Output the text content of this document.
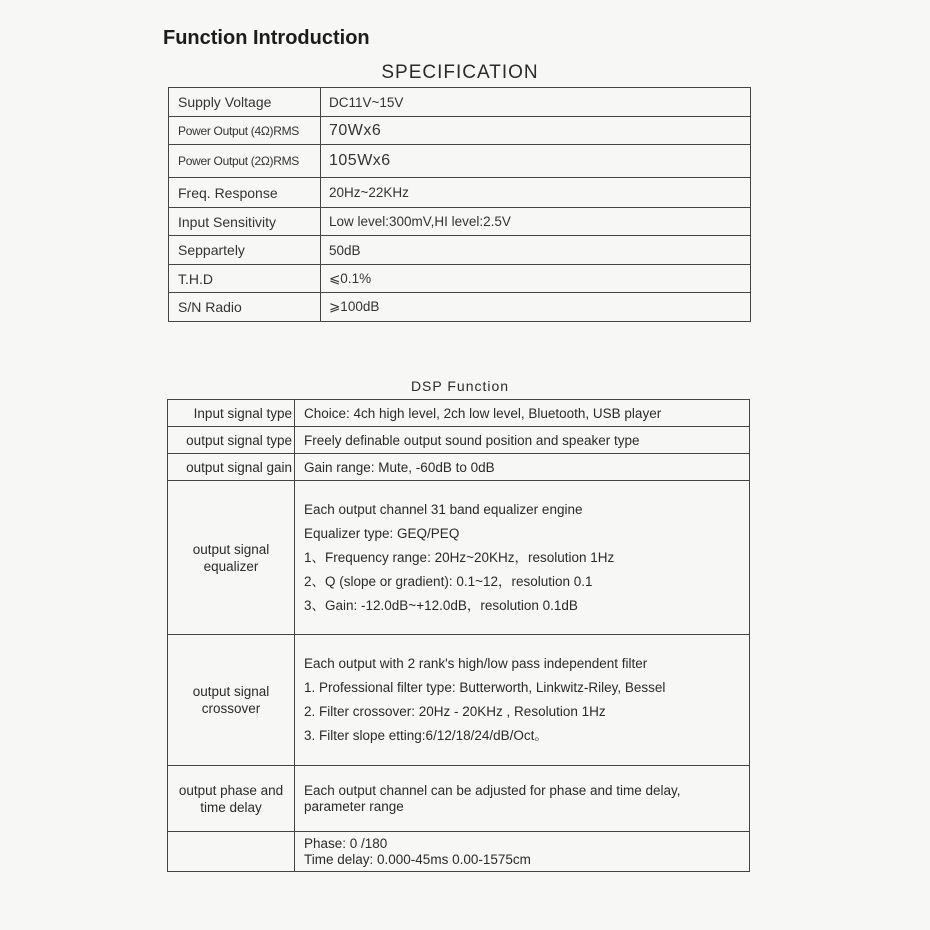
Function Introduction
SPECIFICATION
Supply Voltage	DC11V~15V
Power Output (4Ω)RMS	70Wx6
Power Output (2Ω)RMS	105Wx6
Freq. Response	20Hz~22KHz
Input Sensitivity	Low level:300mV,HI level:2.5V
Seppartely	50dB
T.H.D	⩽0.1%
S/N Radio	⩾100dB
DSP Function
Input signal type	Choice: 4ch high level, 2ch low level, Bluetooth, USB player
output signal type	Freely definable output sound position and speaker type
output signal gain	Gain range: Mute, -60dB to 0dB

output signal equalizer	Each output channel 31 band equalizer engine
Equalizer type: GEQ/PEQ
1、Frequency range: 20Hz~20KHz，resolution 1Hz
2、Q (slope or gradient): 0.1~12，resolution 0.1
3、Gain: -12.0dB~+12.0dB，resolution 0.1dB

output signal crossover	Each output with 2 rank's high/low pass independent filter
1. Professional filter type: Butterworth, Linkwitz-Riley, Bessel
2. Filter crossover: 20Hz - 20KHz , Resolution 1Hz
3. Filter slope etting:6/12/18/24/dB/Oct。

output phase and time delay	Each output channel can be adjusted for phase and time delay,
parameter range

	Phase: 0 /180
Time delay: 0.000-45ms 0.00-1575cm
